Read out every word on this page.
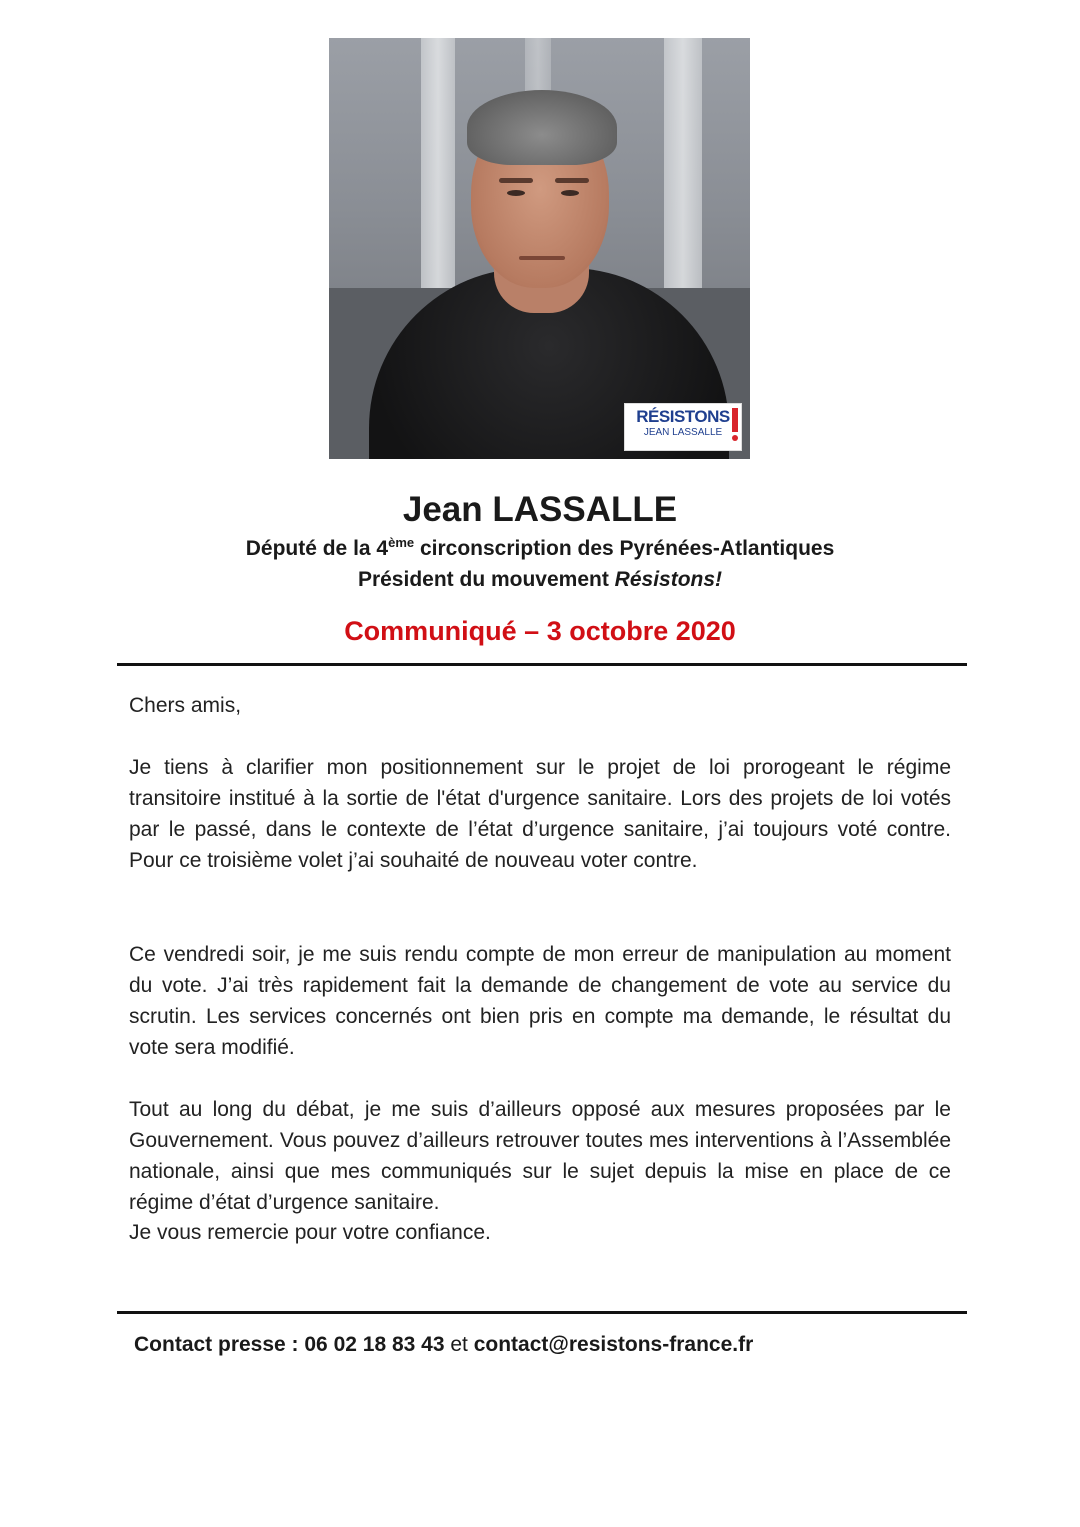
RÉSISTONS
JEAN LASSALLE
Jean LASSALLE
Député de la 4ème circonscription des Pyrénées-Atlantiques
Président du mouvement Résistons!
Communiqué – 3 octobre 2020
Chers amis,
Je tiens à clarifier mon positionnement sur le projet de loi prorogeant le régime transitoire institué à la sortie de l'état d'urgence sanitaire. Lors des projets de loi votés par le passé, dans le contexte de l’état d’urgence sanitaire, j’ai toujours voté contre. Pour ce troisième volet j’ai souhaité de nouveau voter contre.
Ce vendredi soir, je me suis rendu compte de mon erreur de manipulation au moment du vote. J’ai très rapidement fait la demande de changement de vote au service du scrutin. Les services concernés ont bien pris en compte ma demande, le résultat du vote sera modifié.
Tout au long du débat, je me suis d’ailleurs opposé aux mesures proposées par le Gouvernement. Vous pouvez d’ailleurs retrouver toutes mes interventions à l’Assemblée nationale, ainsi que mes communiqués sur le sujet depuis la mise en place de ce régime d’état d’urgence sanitaire.
Je vous remercie pour votre confiance.
Contact presse : 06 02 18 83 43 et contact@resistons-france.fr
